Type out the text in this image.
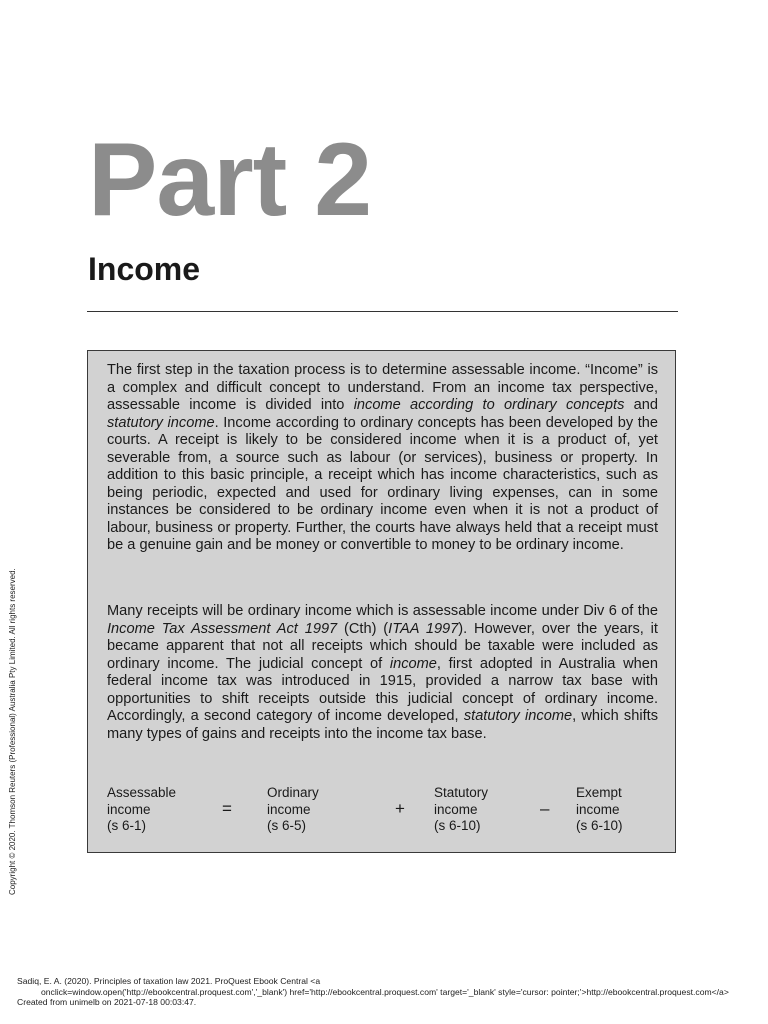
Part 2
Income

The first step in the taxation process is to determine assessable income. “Income” is a complex and difficult concept to understand. From an income tax perspective, assessable income is divided into income according to ordinary concepts and statutory income. Income according to ordinary concepts has been developed by the courts. A receipt is likely to be considered income when it is a product of, yet severable from, a source such as labour (or services), business or property. In addition to this basic principle, a receipt which has income characteristics, such as being periodic, expected and used for ordinary living expenses, can in some instances be considered to be ordinary income even when it is not a product of labour, business or property. Further, the courts have always held that a receipt must be a genuine gain and be money or convertible to money to be ordinary income.

Many receipts will be ordinary income which is assessable income under Div 6 of the Income Tax Assessment Act 1997 (Cth) (ITAA 1997). However, over the years, it became apparent that not all receipts which should be taxable were included as ordinary income. The judicial concept of income, first adopted in Australia when federal income tax was introduced in 1915, provided a narrow tax base with opportunities to shift receipts outside this judicial concept of ordinary income. Accordingly, a second category of income developed, statutory income, which shifts many types of gains and receipts into the income tax base.

Assessable
income
(s 6-1)
=
Ordinary
income
(s 6-5)
+
Statutory
income
(s 6-10)
–
Exempt
income
(s 6-10)
Copyright © 2020. Thomson Reuters (Professional) Australia Pty Limited. All rights reserved.
Sadiq, E. A. (2020). Principles of taxation law 2021. ProQuest Ebook Central <a
onclick=window.open('http://ebookcentral.proquest.com','_blank') href='http://ebookcentral.proquest.com' target='_blank' style='cursor: pointer;'>http://ebookcentral.proquest.com</a>
Created from unimelb on 2021-07-18 00:03:47.
